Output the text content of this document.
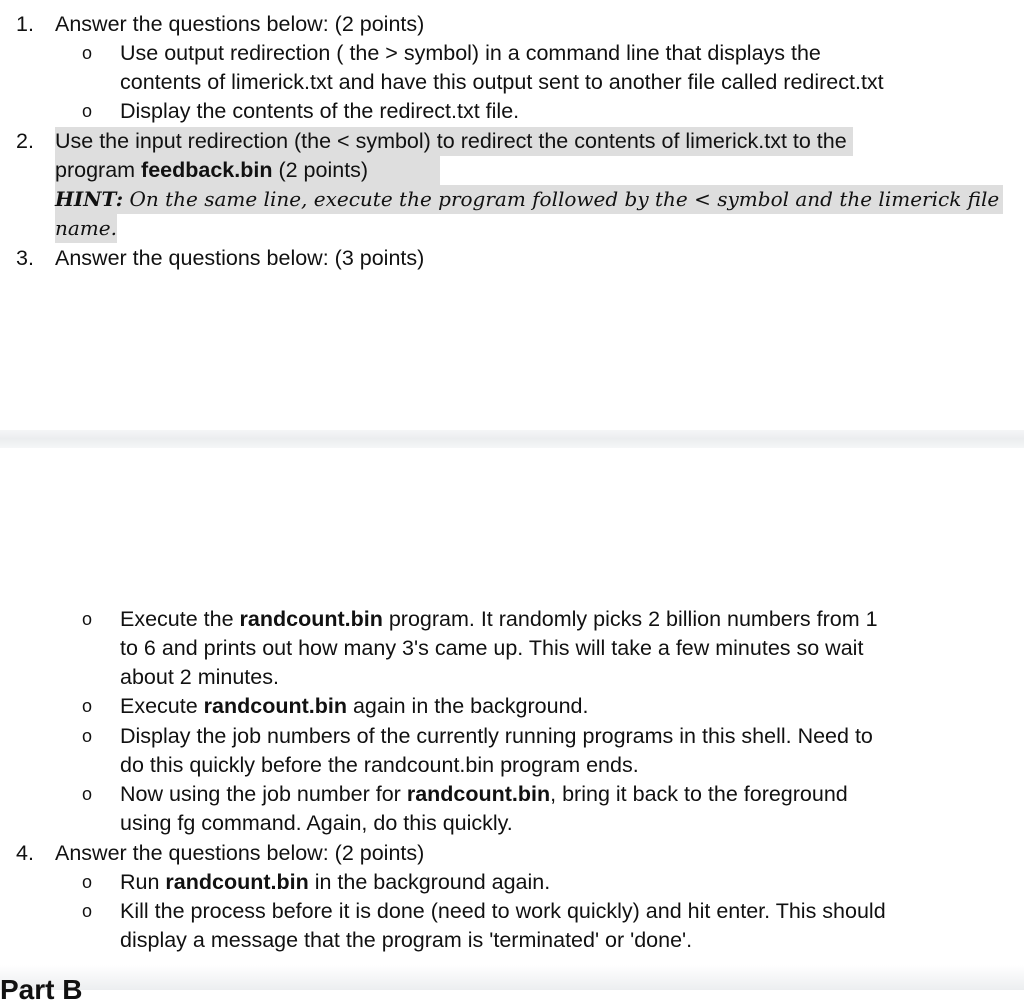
1. Answer the questions below: (2 points)
o Use output redirection ( the > symbol) in a command line that displays the
contents of limerick.txt and have this output sent to another file called redirect.txt
o Display the contents of the redirect.txt file.
2. Use the input redirection (the < symbol) to redirect the contents of limerick.txt to the
program feedback.bin (2 points)
HINT: On the same line, execute the program followed by the < symbol and the limerick file
name.
3. Answer the questions below: (3 points)
o Execute the randcount.bin program. It randomly picks 2 billion numbers from 1
to 6 and prints out how many 3's came up. This will take a few minutes so wait
about 2 minutes.
o Execute randcount.bin again in the background.
o Display the job numbers of the currently running programs in this shell. Need to
do this quickly before the randcount.bin program ends.
o Now using the job number for randcount.bin, bring it back to the foreground
using fg command. Again, do this quickly.
4. Answer the questions below: (2 points)
o Run randcount.bin in the background again.
o Kill the process before it is done (need to work quickly) and hit enter. This should
display a message that the program is 'terminated' or 'done'.
Part B
